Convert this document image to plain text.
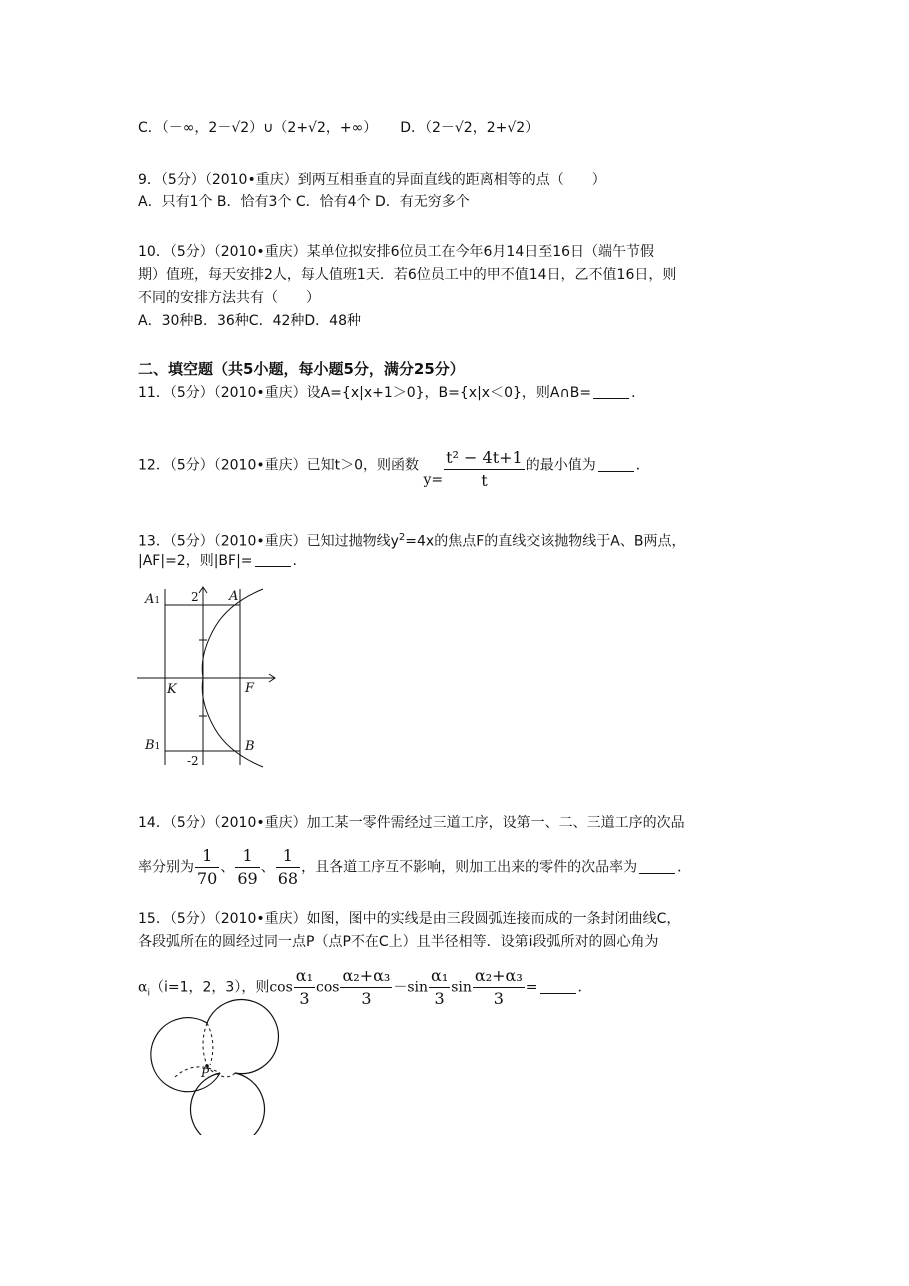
C．（－∞，2－√2）∪（2+√2，+∞） D．（2－√2，2+√2）
9．（5分）（2010•重庆）到两互相垂直的异面直线的距离相等的点（　　）
A．只有1个 B．恰有3个 C．恰有4个 D．有无穷多个
10．（5分）（2010•重庆）某单位拟安排6位员工在今年6月14日至16日（端午节假
期）值班，每天安排2人，每人值班1天．若6位员工中的甲不值14日，乙不值16日，则
不同的安排方法共有（　　）
A．30种B．36种C．42种D．48种
二、填空题（共5小题，每小题5分，满分25分）
11．（5分）（2010•重庆）设A={x|x+1＞0}，B={x|x＜0}，则A∩B=	．
12．（5分）（2010•重庆）已知t＞0，则函数 $y= \frac{\text{t² − 4t+1}}{t}$ 的最小值为	．
13．（5分）（2010•重庆）已知过抛物线$y^2=4x$的焦点F的直线交该抛物线于A、B两点，
|AF|=2，则|BF|=	．
A1
B1
A
B
K	F
2
-2
14．（5分）（2010•重庆）加工某一零件需经过三道工序，设第一、二、三道工序的次品
率分别为 $\frac{1}{70}$ 、 $\frac{1}{69}$ 、 $\frac{1}{68}$ ，且各道工序互不影响，则加工出来的零件的次品率为	．
15．（5分）（2010•重庆）如图，图中的实线是由三段圆弧连接而成的一条封闭曲线C，
各段弧所在的圆经过同一点P（点P不在C上）且半径相等．设第i段弧所对的圆心角为
$\alpha_i(i=1$，2，3），则$\cos \frac{\text{α₁}}{3}$ $\cos \frac{\text{α₂+α₃}}{3} -\sin \frac{\text{α₁}}{3}$ $\sin \frac{\text{α₂+α₃}}{3}$ =	．
P
